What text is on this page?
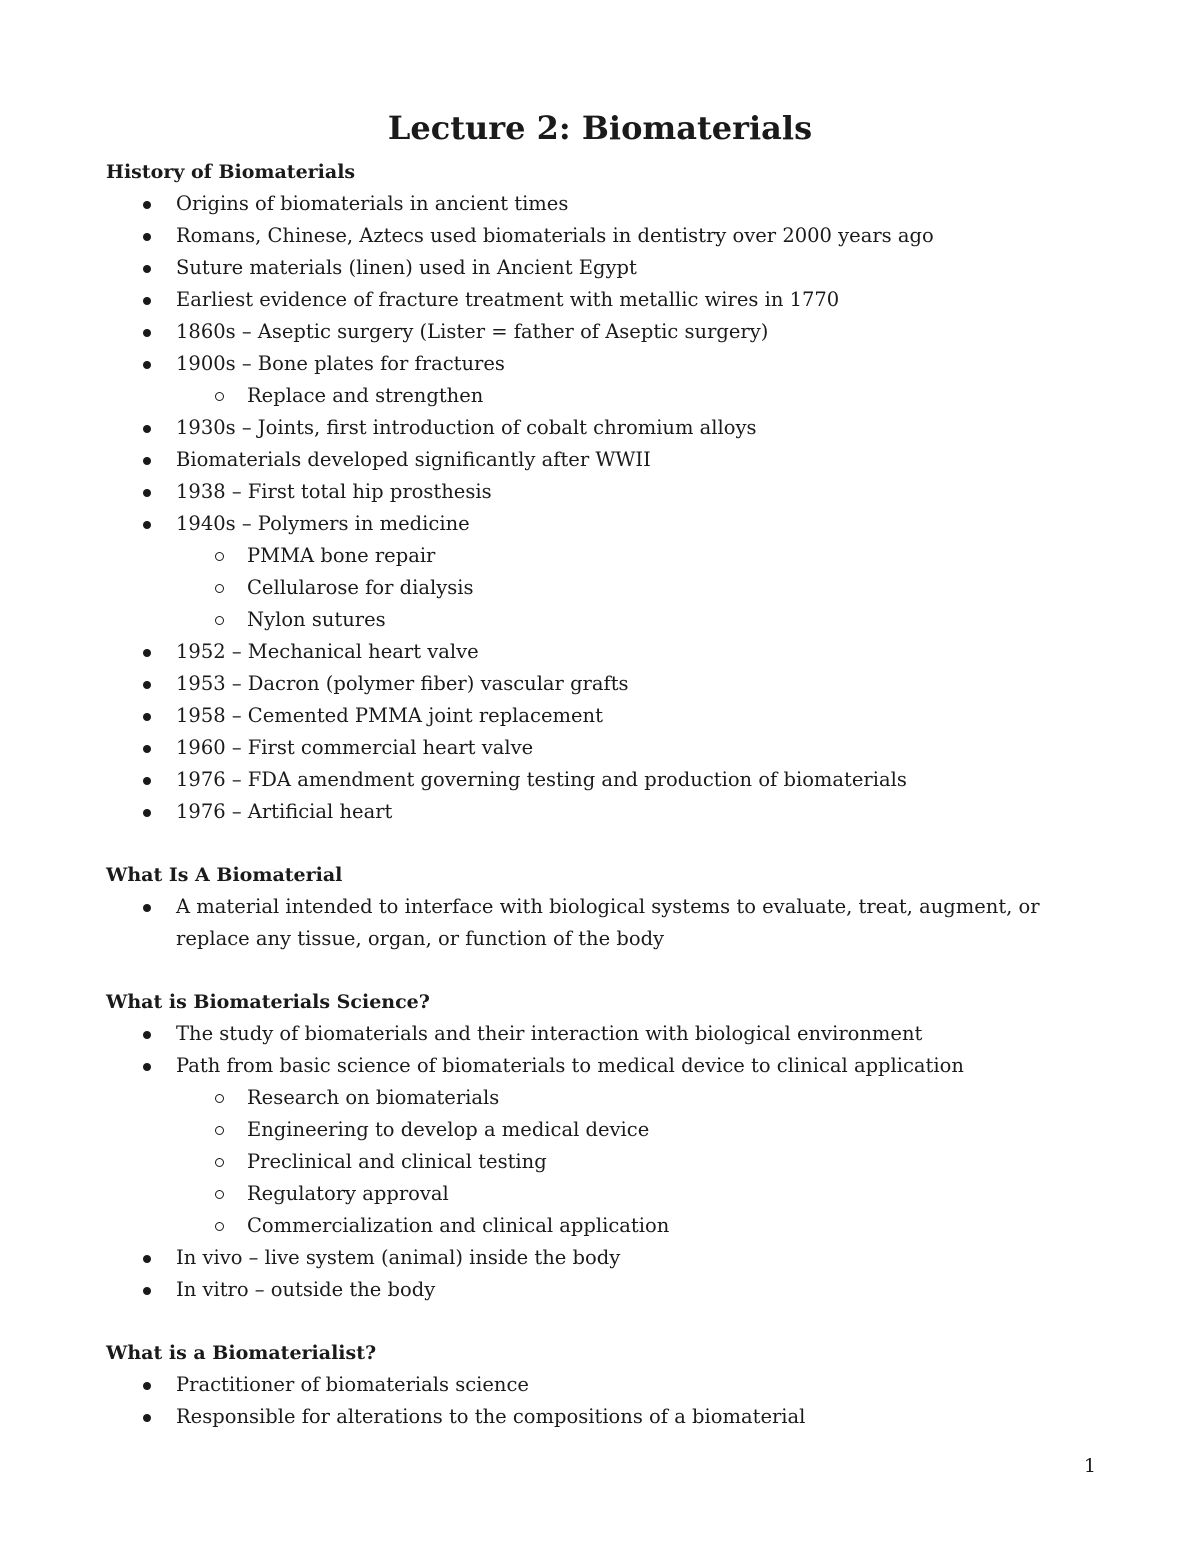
Lecture 2: Biomaterials
History of Biomaterials
Origins of biomaterials in ancient times
Romans, Chinese, Aztecs used biomaterials in dentistry over 2000 years ago
Suture materials (linen) used in Ancient Egypt
Earliest evidence of fracture treatment with metallic wires in 1770
1860s – Aseptic surgery (Lister = father of Aseptic surgery)
1900s – Bone plates for fractures
Replace and strengthen
1930s – Joints, first introduction of cobalt chromium alloys
Biomaterials developed significantly after WWII
1938 – First total hip prosthesis
1940s – Polymers in medicine
PMMA bone repair
Cellularose for dialysis
Nylon sutures
1952 – Mechanical heart valve
1953 – Dacron (polymer fiber) vascular grafts
1958 – Cemented PMMA joint replacement
1960 – First commercial heart valve
1976 – FDA amendment governing testing and production of biomaterials
1976 – Artificial heart
What Is A Biomaterial
A material intended to interface with biological systems to evaluate, treat, augment, or replace any tissue, organ, or function of the body
What is Biomaterials Science?
The study of biomaterials and their interaction with biological environment
Path from basic science of biomaterials to medical device to clinical application
Research on biomaterials
Engineering to develop a medical device
Preclinical and clinical testing
Regulatory approval
Commercialization and clinical application
In vivo – live system (animal) inside the body
In vitro – outside the body
What is a Biomaterialist?
Practitioner of biomaterials science
Responsible for alterations to the compositions of a biomaterial
1
